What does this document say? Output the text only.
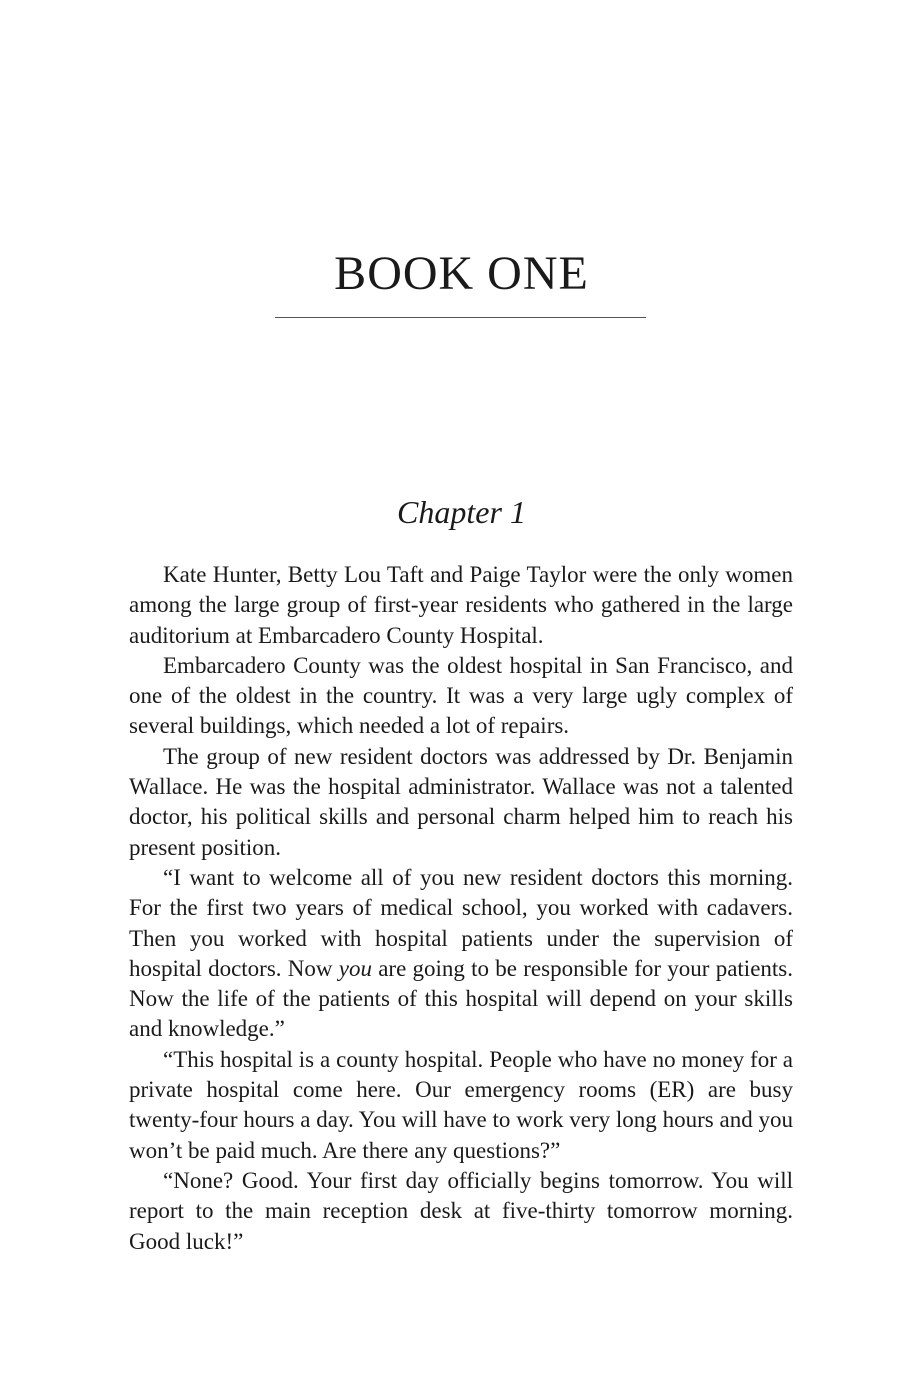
BOOK ONE
Chapter 1

Kate Hunter, Betty Lou Taft and Paige Taylor were the only women among the large group of first-year residents who gathered in the large auditorium at Embarcadero County Hospital.

Embarcadero County was the oldest hospital in San Francisco, and one of the oldest in the country. It was a very large ugly complex of several buildings, which needed a lot of repairs.

The group of new resident doctors was addressed by Dr. Benjamin Wallace. He was the hospital administrator. Wallace was not a talented doctor, his political skills and personal charm helped him to reach his present position.

“I want to welcome all of you new resident doctors this morning. For the first two years of medical school, you worked with cadavers. Then you worked with hospital patients under the supervision of hospital doctors. Now you are going to be responsible for your patients. Now the life of the patients of this hospital will depend on your skills and knowledge.”

“This hospital is a county hospital. People who have no money for a private hospital come here. Our emergency rooms (ER) are busy twenty-four hours a day. You will have to work very long hours and you won’t be paid much. Are there any questions?”

“None? Good. Your first day officially begins tomorrow. You will report to the main reception desk at five-thirty tomorrow morning. Good luck!”
